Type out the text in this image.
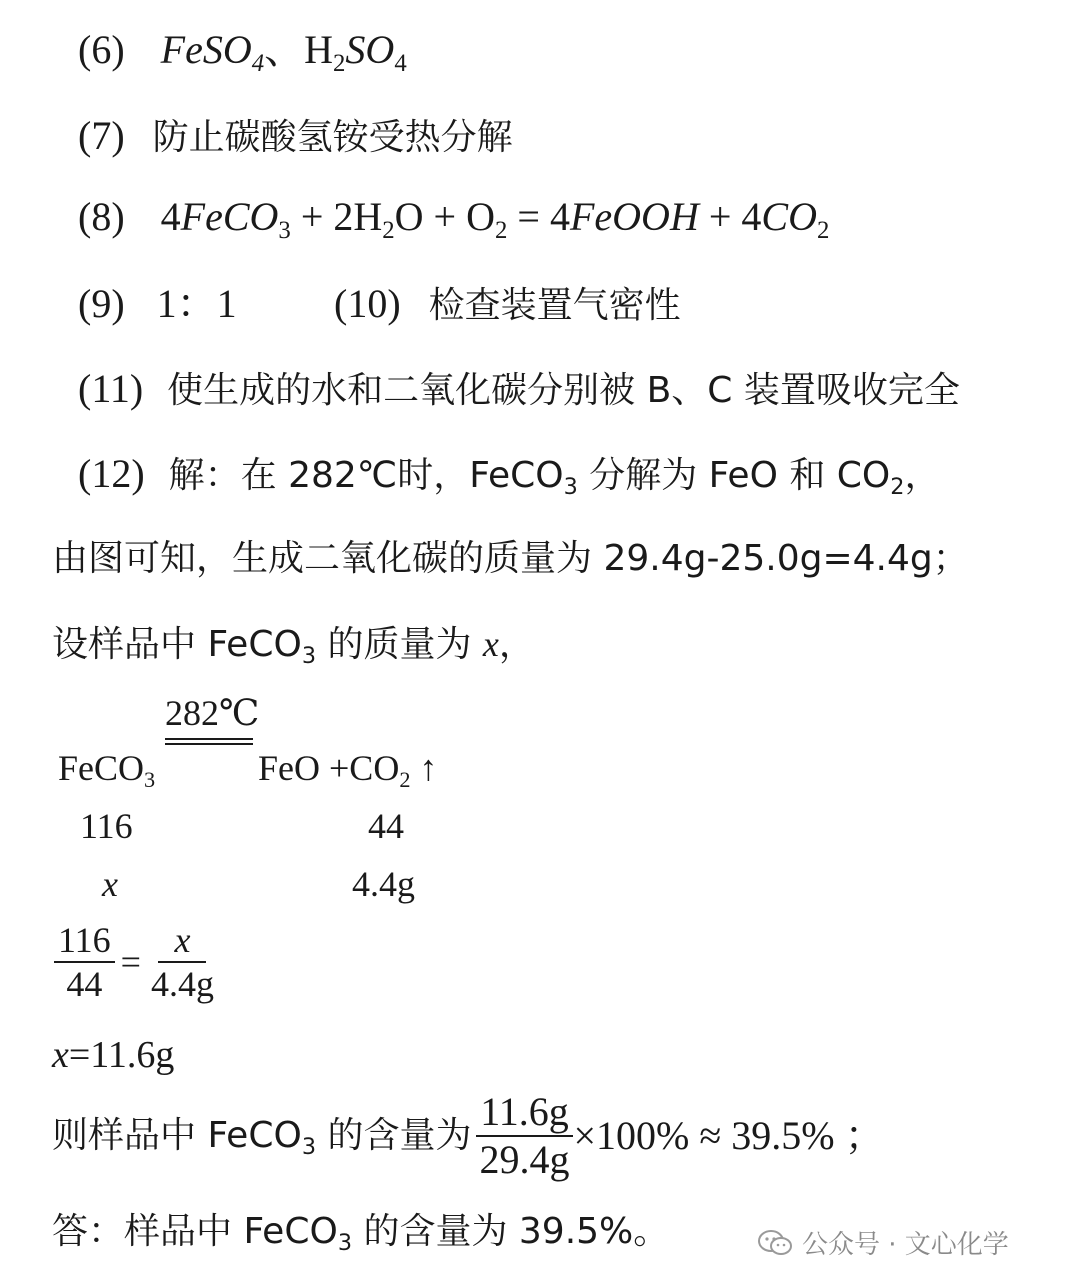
(6) FeSO$_4$、$H_2SO_4$
(7) 防止碳酸氢铵受热分解
(8) 4FeCO$_3$ + $2H_2O + O_2$ = 4FeOOH + $4CO_2$
(9) 1：1 (10) 检查装置气密性
(11) 使生成的水和二氧化碳分别被 B、C 装置吸收完全
(12) 解：在 282℃时，FeCO$_3$ 分解为 FeO 和 $CO_2$，
由图可知，生成二氧化碳的质量为 29.4g-25.0g=4.4g；
设样品中 FeCO$_3$ 的质量为 x，
282℃
FeCO$_3$	FeO $+CO_2$ ↑
116	44
x	4.4g
$\frac{116}{44} = \frac{x}{4.4g}$
x=11.6g
则样品中 FeCO$_3$ 的含量为 $\frac{11.6g}{29.4g} \times 100\% \approx 39.5\%$ ；
答：样品中 FeCO$_3$ 的含量为 39.5%。	公众号 · 文心化学
